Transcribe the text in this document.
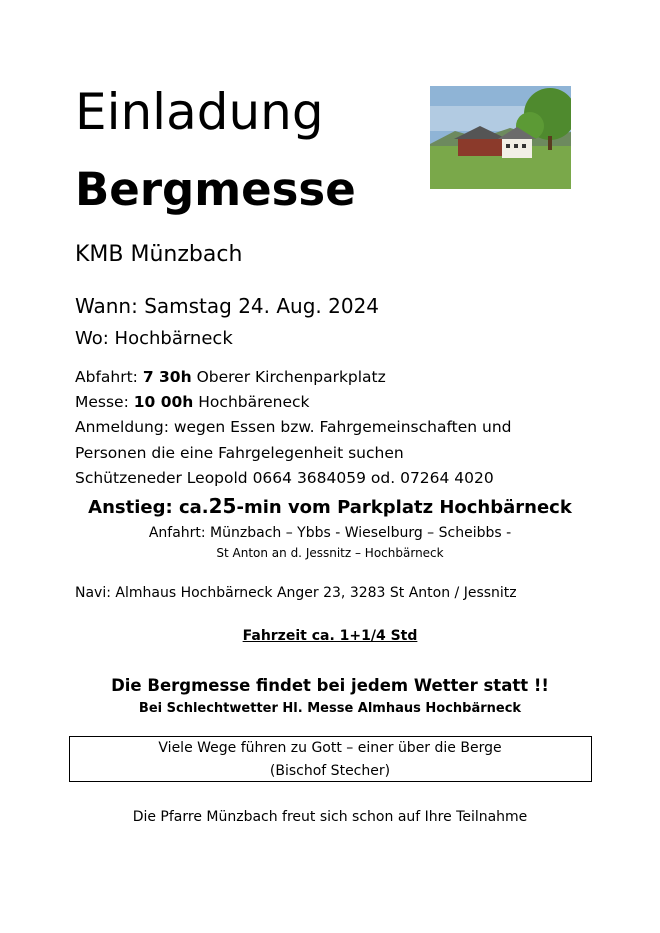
Einladung
Bergmesse
KMB Münzbach
Wann: Samstag 24. Aug. 2024
Wo: Hochbärneck
Abfahrt: 7 30h Oberer Kirchenparkplatz
Messe: 10 00h Hochbäreneck
Anmeldung: wegen Essen bzw. Fahrgemeinschaften und
Personen die eine Fahrgelegenheit suchen
Schützeneder Leopold 0664 3684059 od. 07264 4020
Anstieg: ca.25-min vom Parkplatz Hochbärneck
Anfahrt: Münzbach – Ybbs - Wieselburg – Scheibbs -
St Anton an d. Jessnitz – Hochbärneck
Navi: Almhaus Hochbärneck Anger 23, 3283 St Anton / Jessnitz
Fahrzeit ca. 1+1/4 Std
Die Bergmesse findet bei jedem Wetter statt !!
Bei Schlechtwetter Hl. Messe Almhaus Hochbärneck
Viele Wege führen zu Gott – einer über die Berge
(Bischof Stecher)
Die Pfarre Münzbach freut sich schon auf Ihre Teilnahme
